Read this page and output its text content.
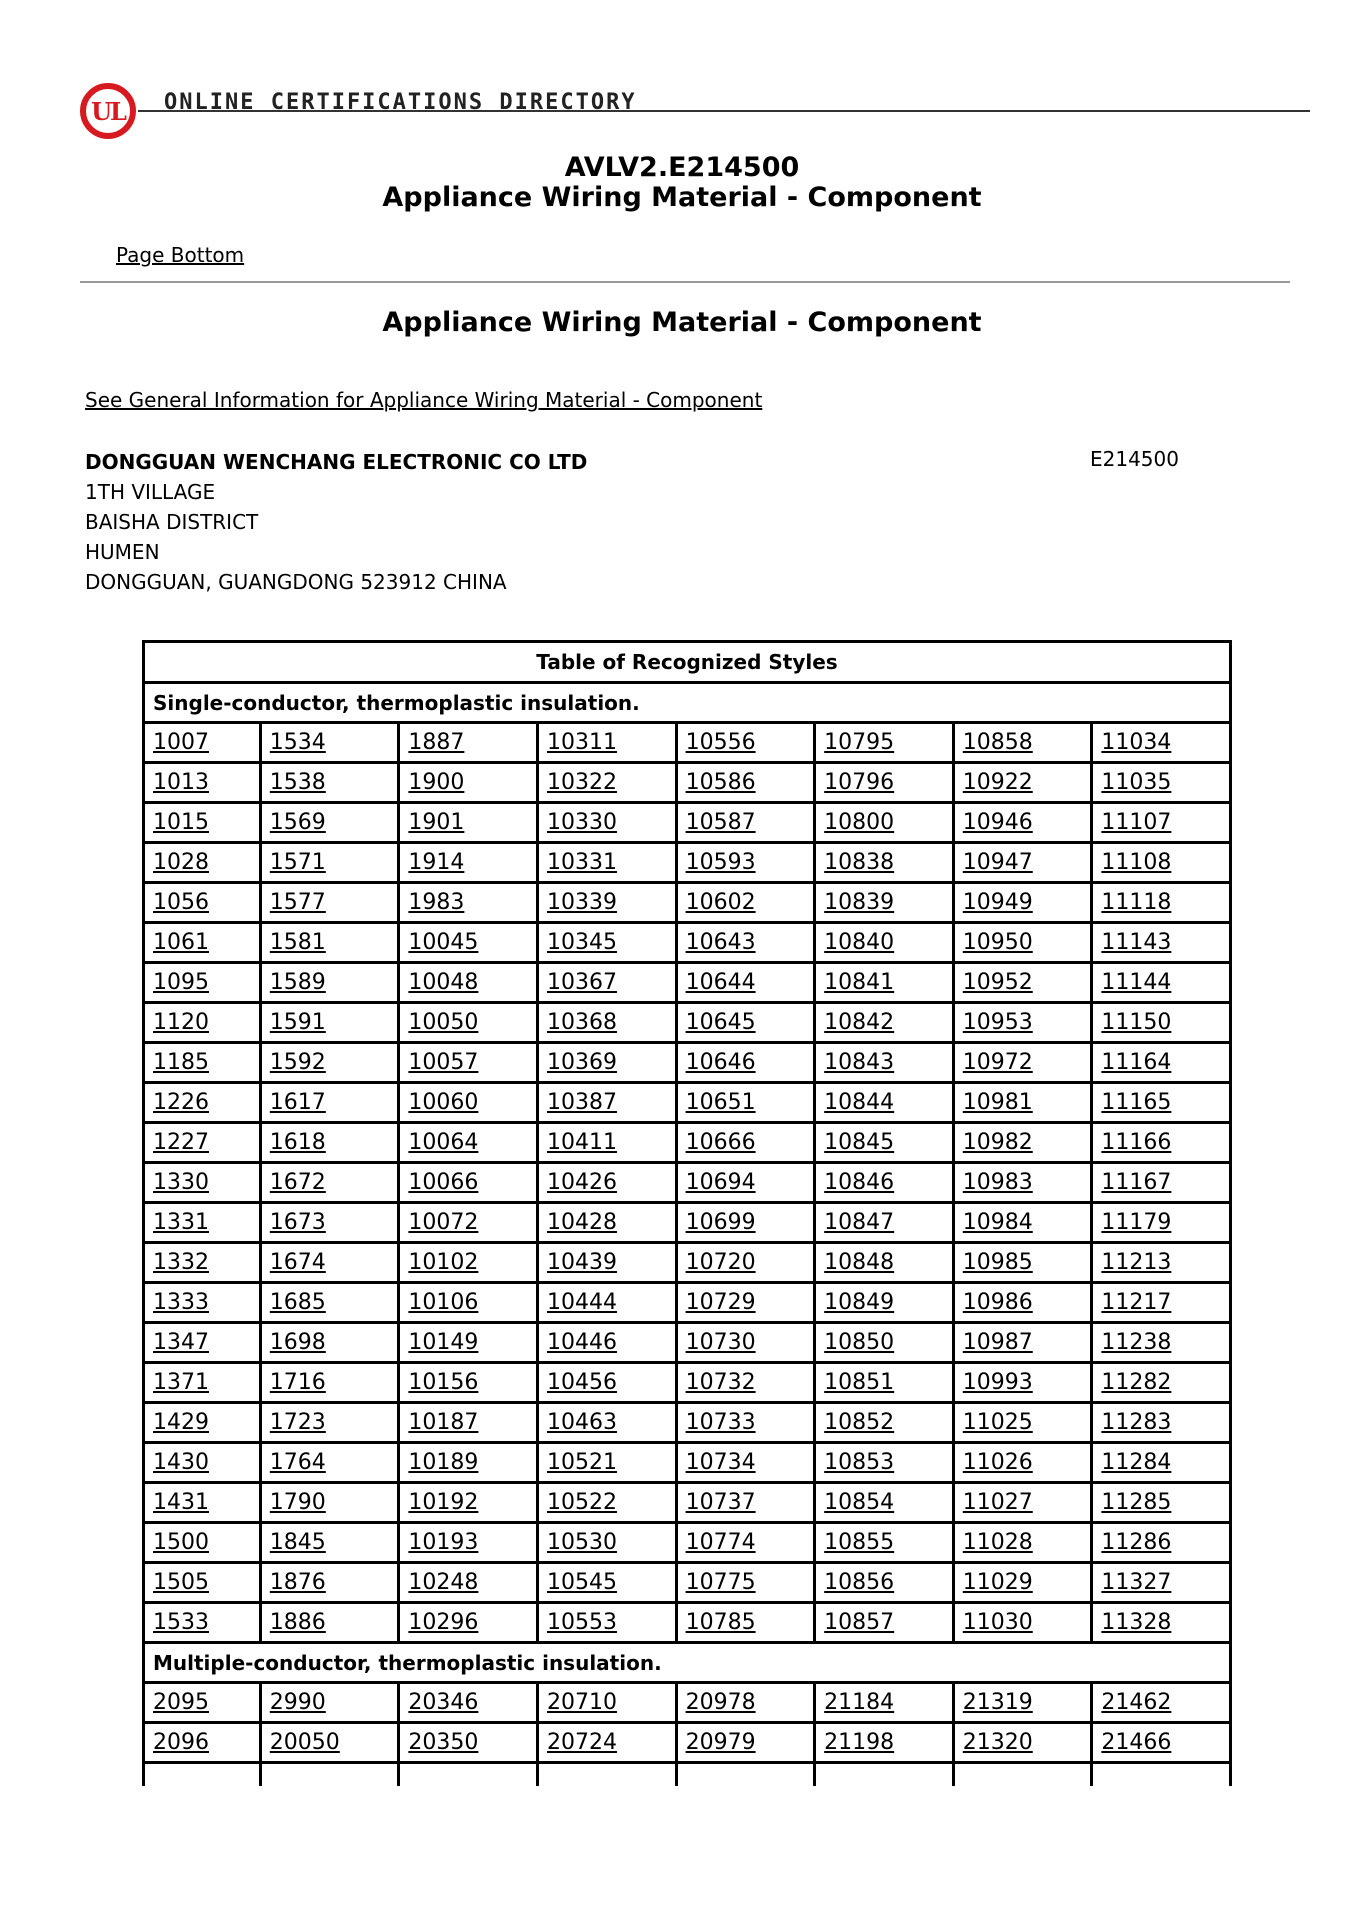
UL	ONLINE CERTIFICATIONS DIRECTORY
AVLV2.E214500
Appliance Wiring Material - Component
Page Bottom
Appliance Wiring Material - Component
See General Information for Appliance Wiring Material - Component
DONGGUAN WENCHANG ELECTRONIC CO LTD
1TH VILLAGE
BAISHA DISTRICT
HUMEN
DONGGUAN, GUANGDONG 523912 CHINA
E214500
Table of Recognized Styles							
Single-conductor, thermoplastic insulation.							
1007	1534	1887	10311	10556	10795	10858	11034
1013	1538	1900	10322	10586	10796	10922	11035
1015	1569	1901	10330	10587	10800	10946	11107
1028	1571	1914	10331	10593	10838	10947	11108
1056	1577	1983	10339	10602	10839	10949	11118
1061	1581	10045	10345	10643	10840	10950	11143
1095	1589	10048	10367	10644	10841	10952	11144
1120	1591	10050	10368	10645	10842	10953	11150
1185	1592	10057	10369	10646	10843	10972	11164
1226	1617	10060	10387	10651	10844	10981	11165
1227	1618	10064	10411	10666	10845	10982	11166
1330	1672	10066	10426	10694	10846	10983	11167
1331	1673	10072	10428	10699	10847	10984	11179
1332	1674	10102	10439	10720	10848	10985	11213
1333	1685	10106	10444	10729	10849	10986	11217
1347	1698	10149	10446	10730	10850	10987	11238
1371	1716	10156	10456	10732	10851	10993	11282
1429	1723	10187	10463	10733	10852	11025	11283
1430	1764	10189	10521	10734	10853	11026	11284
1431	1790	10192	10522	10737	10854	11027	11285
1500	1845	10193	10530	10774	10855	11028	11286
1505	1876	10248	10545	10775	10856	11029	11327
1533	1886	10296	10553	10785	10857	11030	11328
Multiple-conductor, thermoplastic insulation.							
2095	2990	20346	20710	20978	21184	21319	21462
2096	20050	20350	20724	20979	21198	21320	21466
